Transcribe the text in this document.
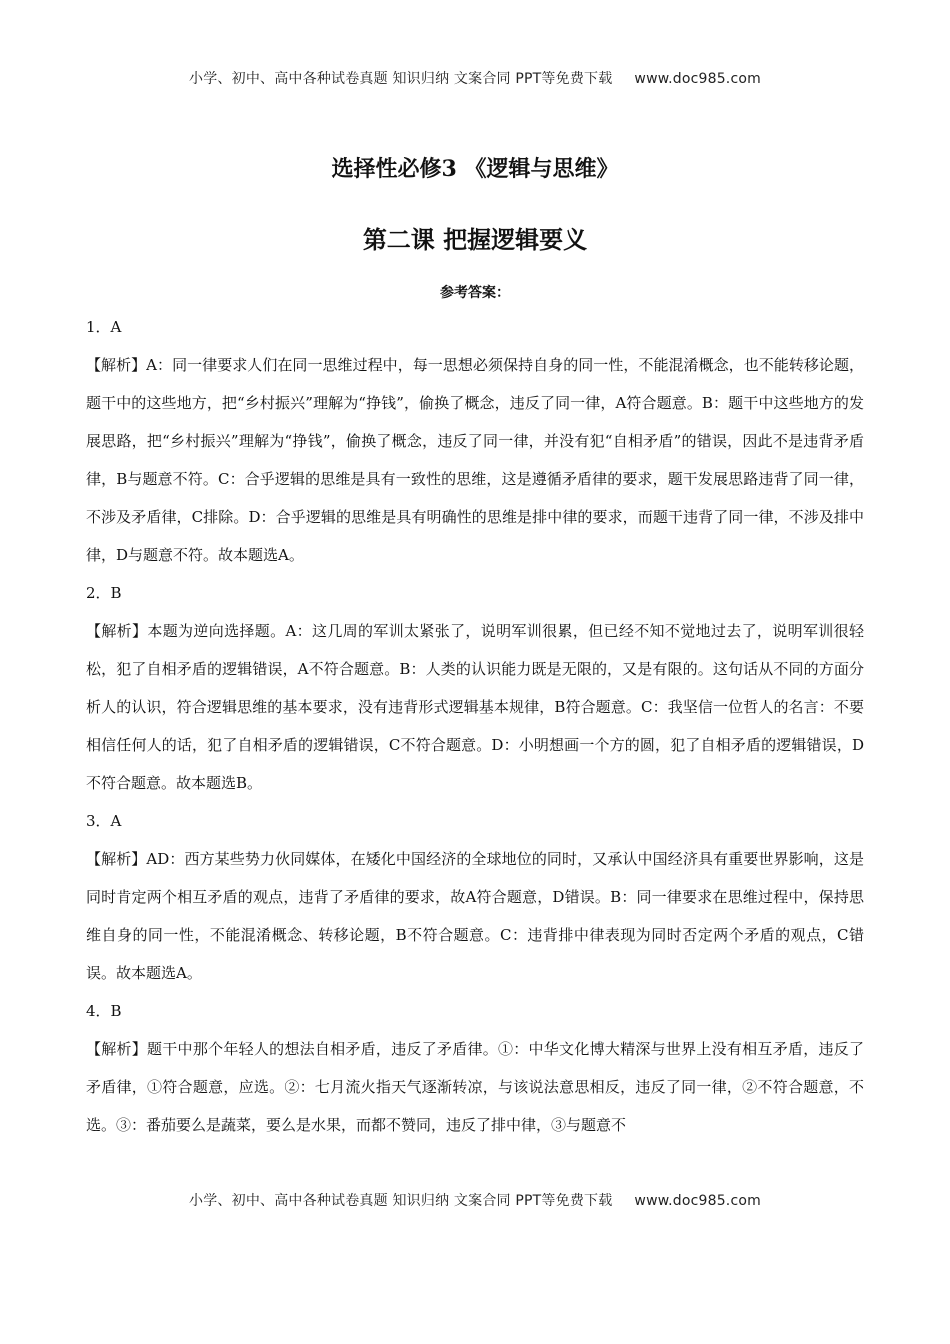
小学、初中、高中各种试卷真题 知识归纳 文案合同 PPT等免费下载 www.doc985.com
选择性必修3 《逻辑与思维》
第二课 把握逻辑要义
参考答案：
1．A
【解析】A：同一律要求人们在同一思维过程中，每一思想必须保持自身的同一性，不能混淆概念，也不能转移论题，题干中的这些地方，把“乡村振兴”理解为“挣钱”，偷换了概念，违反了同一律，A符合题意。B：题干中这些地方的发展思路，把“乡村振兴”理解为“挣钱”，偷换了概念，违反了同一律，并没有犯“自相矛盾”的错误，因此不是违背矛盾律，B与题意不符。C：合乎逻辑的思维是具有一致性的思维，这是遵循矛盾律的要求，题干发展思路违背了同一律，不涉及矛盾律，C排除。D：合乎逻辑的思维是具有明确性的思维是排中律的要求，而题干违背了同一律，不涉及排中律，D与题意不符。故本题选A。
2．B
【解析】本题为逆向选择题。A：这几周的军训太紧张了，说明军训很累，但已经不知不觉地过去了，说明军训很轻松，犯了自相矛盾的逻辑错误，A不符合题意。B：人类的认识能力既是无限的，又是有限的。这句话从不同的方面分析人的认识，符合逻辑思维的基本要求，没有违背形式逻辑基本规律，B符合题意。C：我坚信一位哲人的名言：不要相信任何人的话，犯了自相矛盾的逻辑错误，C不符合题意。D：小明想画一个方的圆，犯了自相矛盾的逻辑错误，D不符合题意。故本题选B。
3．A
【解析】AD：西方某些势力伙同媒体，在矮化中国经济的全球地位的同时，又承认中国经济具有重要世界影响，这是同时肯定两个相互矛盾的观点，违背了矛盾律的要求，故A符合题意，D错误。B：同一律要求在思维过程中，保持思维自身的同一性，不能混淆概念、转移论题，B不符合题意。C：违背排中律表现为同时否定两个矛盾的观点，C错误。故本题选A。
4．B
【解析】题干中那个年轻人的想法自相矛盾，违反了矛盾律。①：中华文化博大精深与世界上没有相互矛盾，违反了矛盾律，①符合题意，应选。②：七月流火指天气逐渐转凉，与该说法意思相反，违反了同一律，②不符合题意，不选。③：番茄要么是蔬菜，要么是水果，而都不赞同，违反了排中律，③与题意不
小学、初中、高中各种试卷真题 知识归纳 文案合同 PPT等免费下载 www.doc985.com
